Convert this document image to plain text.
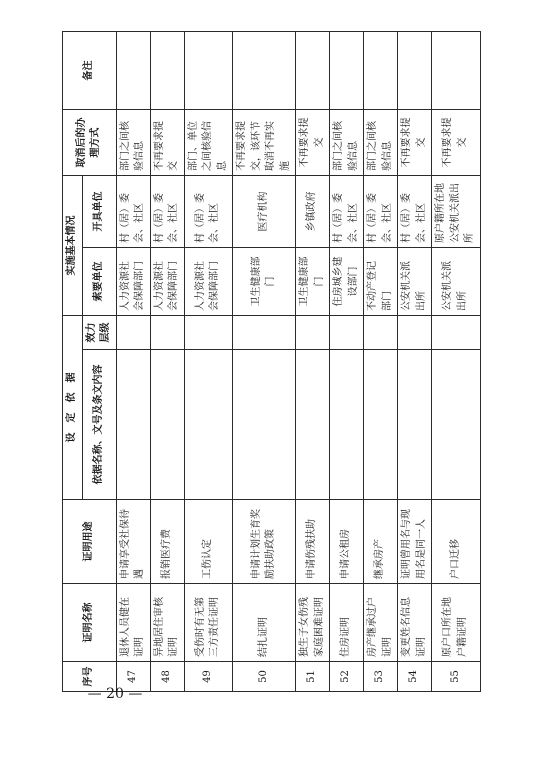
序号	证明名称	证明用途	设　定　依　据		实施基本情况		取消后的办理方式	备注
			依据名称、文号及条文内容	效力层级	索要单位	开具单位		
47	退休人员健在证明	申请享受社保待遇			人力资源社会保障部门	村（居）委会、社区	部门之间核验信息	
48	异地居住审核证明	报销医疗费			人力资源社会保障部门	村（居）委会、社区	不再要求提交	
49	受伤时有无第三方责任证明	工伤认定			人力资源社会保障部门	村（居）委会、社区	部门、单位之间核验信息	
50	结扎证明	申请计划生育奖励扶助政策			卫生健康部门	医疗机构	不再要求提交，该环节取消不再实施	
51	独生子女伤残家庭困难证明	申请伤残扶助			卫生健康部门	乡镇政府	不再要求提交	
52	住房证明	申请公租房			住房城乡建设部门	村（居）委会、社区	部门之间核验信息	
53	房产继承过户证明	继承房产			不动产登记部门	村（居）委会、社区	部门之间核验信息	
54	变更姓名信息证明	证明曾用名与现用名是同一人			公安机关派出所	村（居）委会、社区	不再要求提交	
55	原户口所在地户籍证明	户口迁移			公安机关派出所	原户籍所在地公安机关派出所	不再要求提交	
— 20 —
